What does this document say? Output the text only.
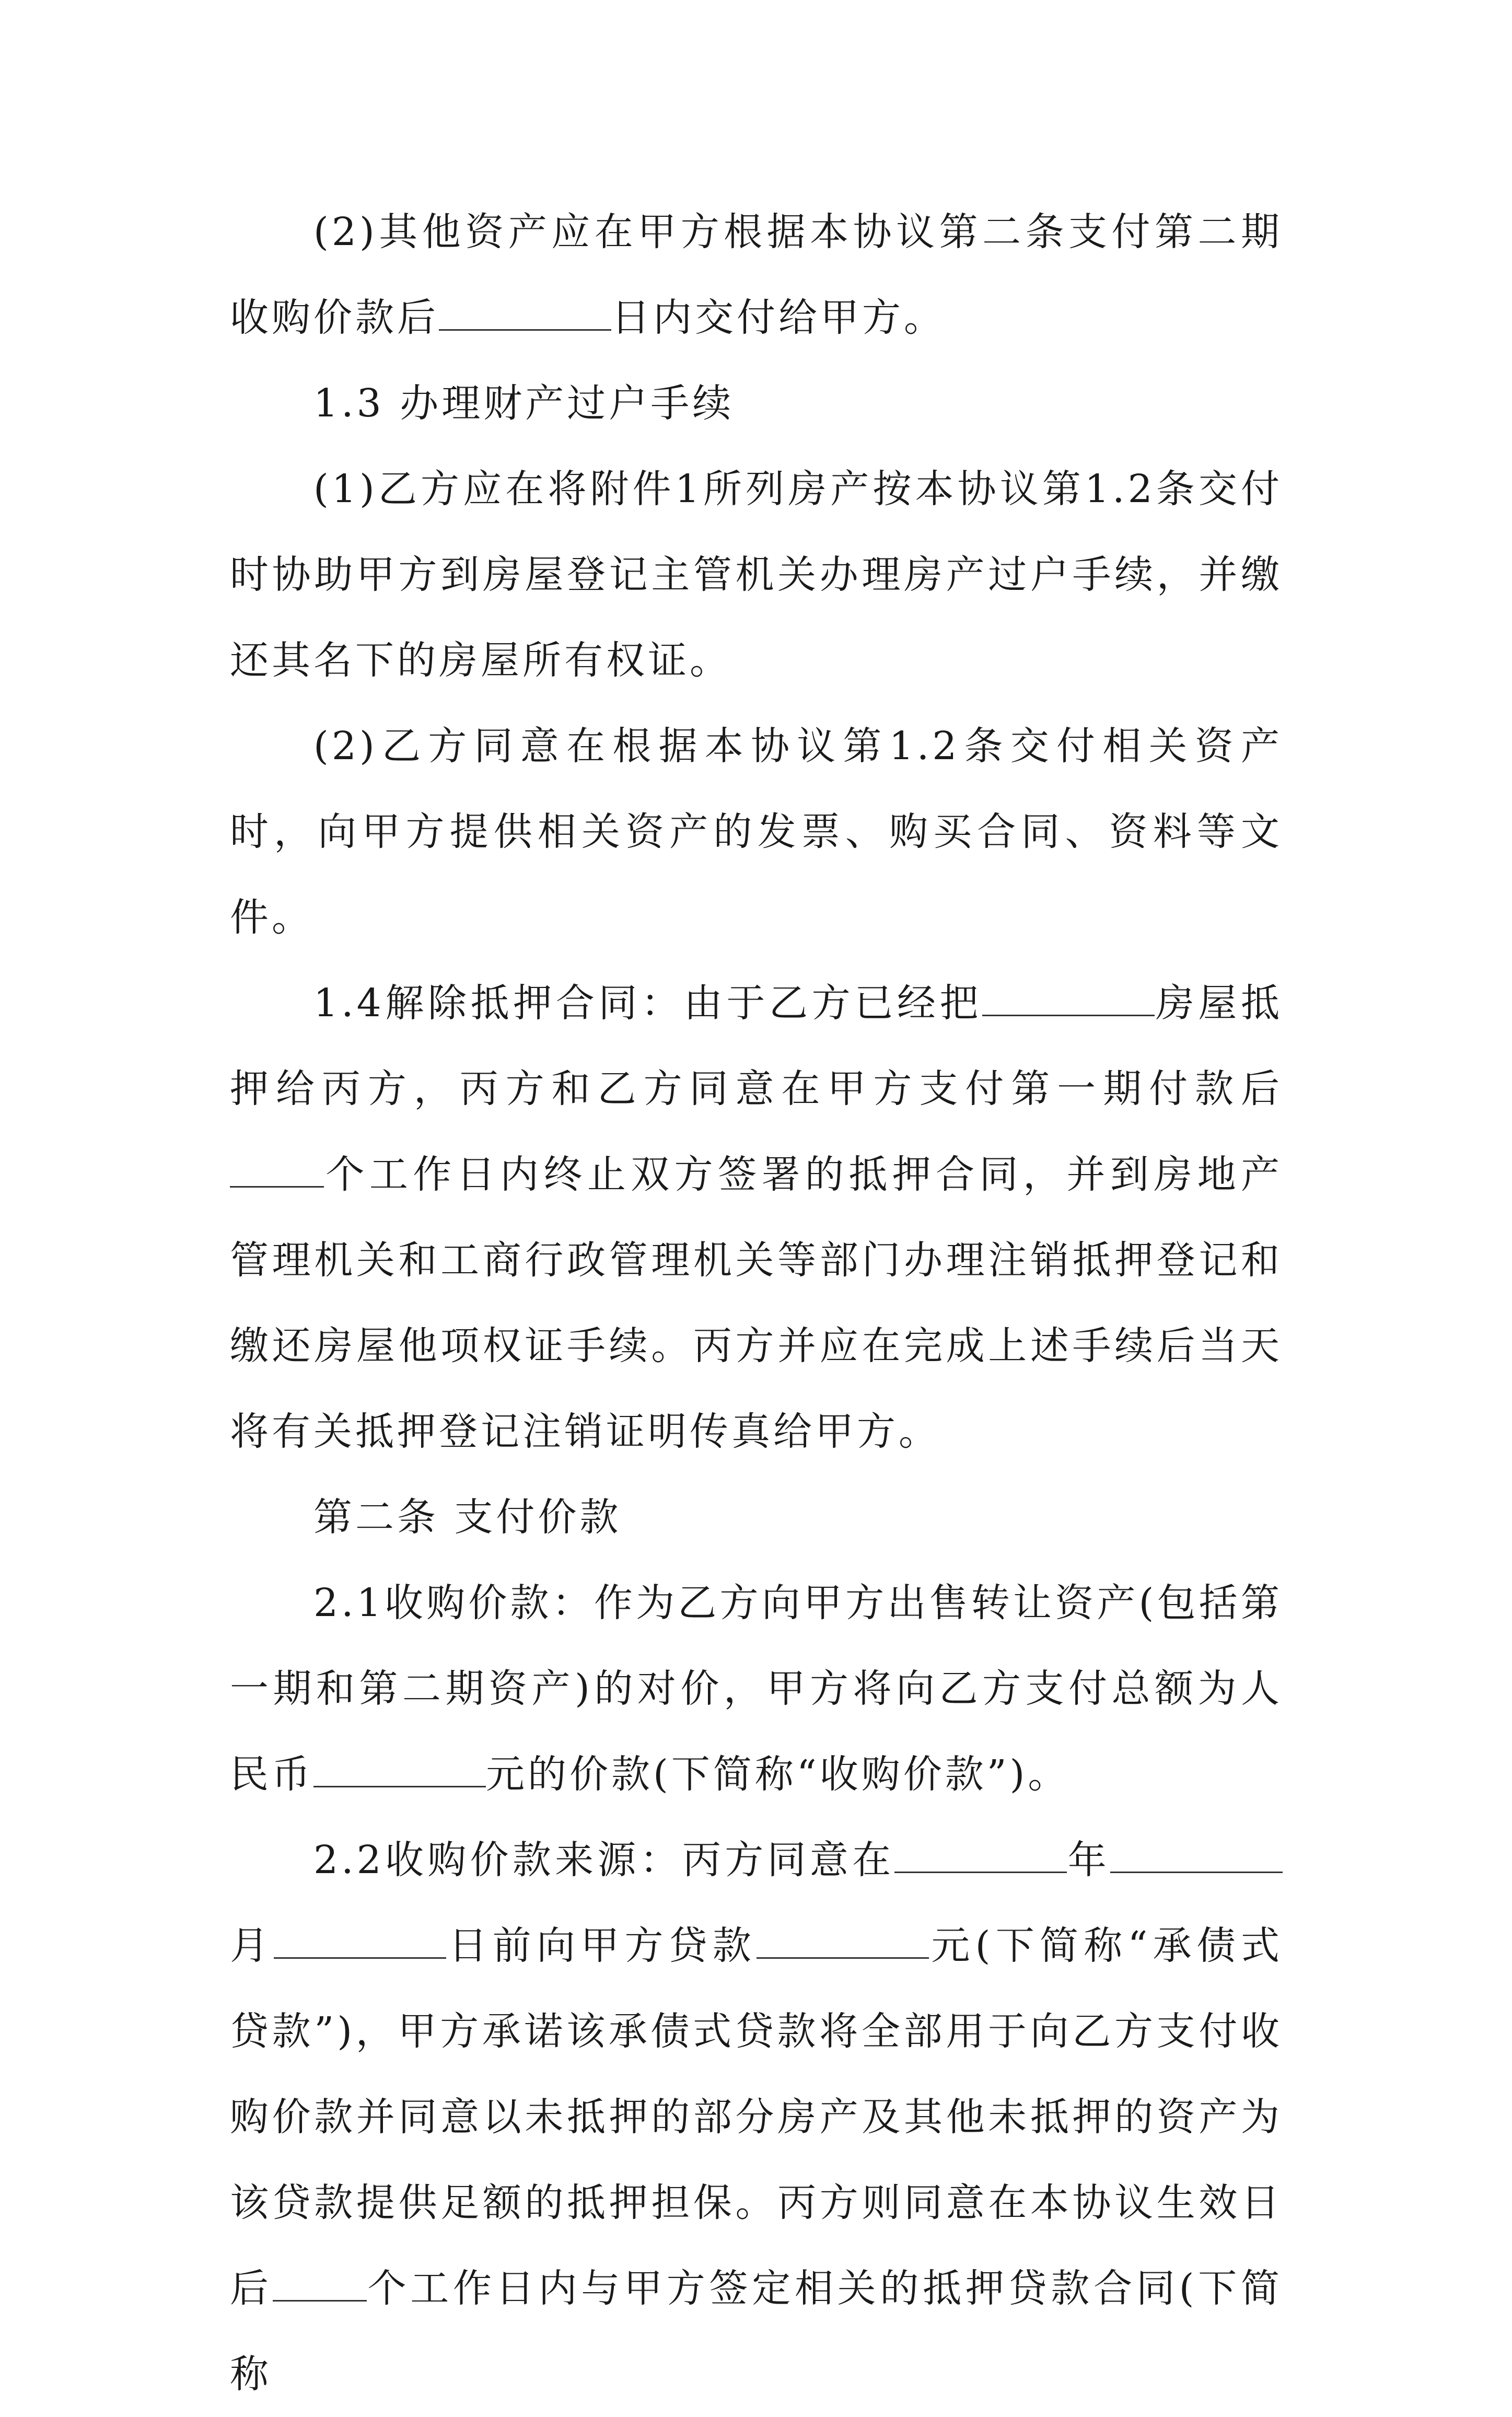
(2)其他资产应在甲方根据本协议第二条支付第二期收购价款后	日内交付给甲方。

1.3 办理财产过户手续

(1)乙方应在将附件1所列房产按本协议第1.2条交付时协助甲方到房屋登记主管机关办理房产过户手续，并缴还其名下的房屋所有权证。

(2)乙方同意在根据本协议第1.2条交付相关资产时，向甲方提供相关资产的发票、购买合同、资料等文件。

1.4解除抵押合同：由于乙方已经把	房屋抵押给丙方，丙方和乙方同意在甲方支付第一期付款后个工作日内终止双方签署的抵押合同，并到房地产管理机关和工商行政管理机关等部门办理注销抵押登记和缴还房屋他项权证手续。丙方并应在完成上述手续后当天将有关抵押登记注销证明传真给甲方。

第二条 支付价款

2.1收购价款：作为乙方向甲方出售转让资产(包括第一期和第二期资产)的对价，甲方将向乙方支付总额为人民币	元的价款(下简称“收购价款”)。

2.2收购价款来源：丙方同意在	年月	日前向甲方贷款	元(下简称“承债式贷款”)，甲方承诺该承债式贷款将全部用于向乙方支付收购价款并同意以未抵押的部分房产及其他未抵押的资产为该贷款提供足额的抵押担保。丙方则同意在本协议生效日后 个工作日内与甲方签定相关的抵押贷款合同(下简称
